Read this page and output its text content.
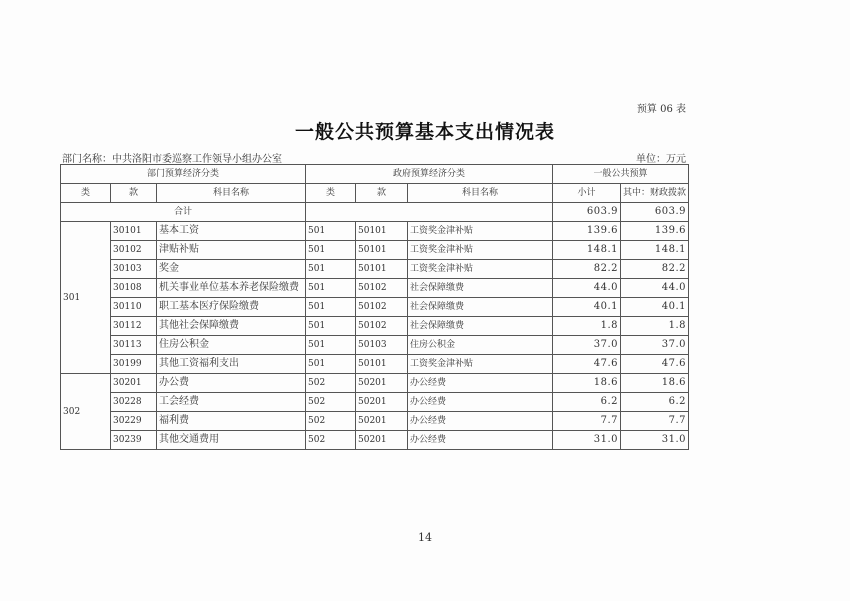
预算 06 表
一般公共预算基本支出情况表
部门名称：中共洛阳市委巡察工作领导小组办公室	单位：万元
部门预算经济分类			政府预算经济分类			一般公共预算	
类	款	科目名称	类	款	科目名称	小计	其中：财政拨款
合计						603.9	603.9
301	30101	基本工资	501	50101	工资奖金津补贴	139.6	139.6
	30102	津贴补贴	501	50101	工资奖金津补贴	148.1	148.1
	30103	奖金	501	50101	工资奖金津补贴	82.2	82.2
	30108	机关事业单位基本养老保险缴费	501	50102	社会保障缴费	44.0	44.0
	30110	职工基本医疗保险缴费	501	50102	社会保障缴费	40.1	40.1
	30112	其他社会保障缴费	501	50102	社会保障缴费	1.8	1.8
	30113	住房公积金	501	50103	住房公积金	37.0	37.0
	30199	其他工资福利支出	501	50101	工资奖金津补贴	47.6	47.6
302	30201	办公费	502	50201	办公经费	18.6	18.6
	30228	工会经费	502	50201	办公经费	6.2	6.2
	30229	福利费	502	50201	办公经费	7.7	7.7
	30239	其他交通费用	502	50201	办公经费	31.0	31.0
14
